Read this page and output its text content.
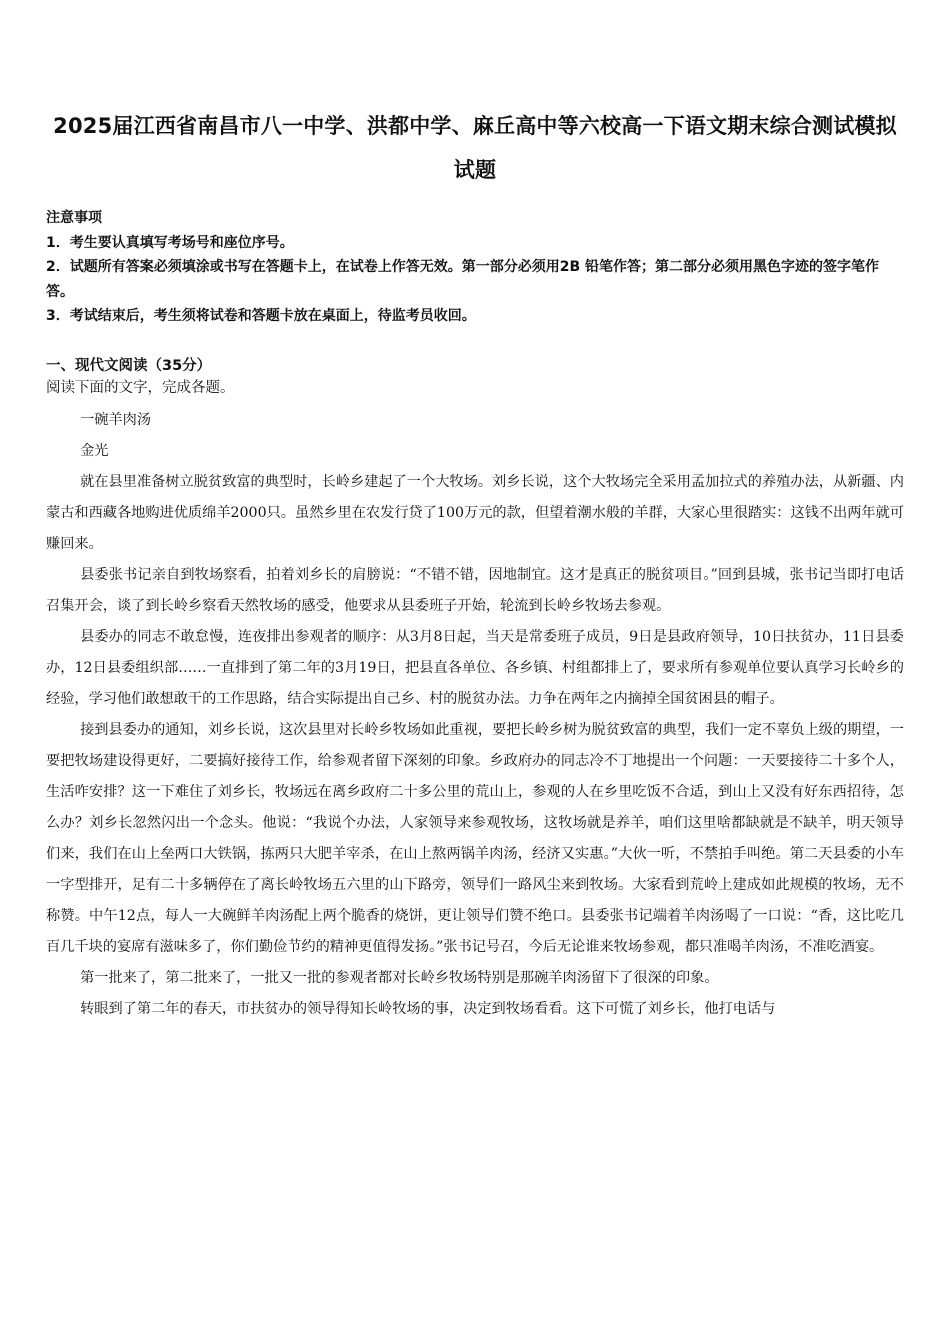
2025届江西省南昌市八一中学、洪都中学、麻丘高中等六校高一下语文期末综合测试模拟试题

注意事项

1．考生要认真填写考场号和座位序号。

2．试题所有答案必须填涂或书写在答题卡上，在试卷上作答无效。第一部分必须用2B 铅笔作答；第二部分必须用黑色字迹的签字笔作答。

3．考试结束后，考生须将试卷和答题卡放在桌面上，待监考员收回。

一、现代文阅读（35分）

阅读下面的文字，完成各题。

一碗羊肉汤

金光

就在县里准备树立脱贫致富的典型时，长岭乡建起了一个大牧场。刘乡长说，这个大牧场完全采用孟加拉式的养殖办法，从新疆、内蒙古和西藏各地购进优质绵羊2000只。虽然乡里在农发行贷了100万元的款，但望着潮水般的羊群，大家心里很踏实：这钱不出两年就可赚回来。

县委张书记亲自到牧场察看，拍着刘乡长的肩膀说：“不错不错，因地制宜。这才是真正的脱贫项目。”回到县城，张书记当即打电话召集开会，谈了到长岭乡察看天然牧场的感受，他要求从县委班子开始，轮流到长岭乡牧场去参观。

县委办的同志不敢怠慢，连夜排出参观者的顺序：从3月8日起，当天是常委班子成员，9日是县政府领导，10日扶贫办，11日县委办，12日县委组织部……一直排到了第二年的3月19日，把县直各单位、各乡镇、村组都排上了，要求所有参观单位要认真学习长岭乡的经验，学习他们敢想敢干的工作思路，结合实际提出自己乡、村的脱贫办法。力争在两年之内摘掉全国贫困县的帽子。

接到县委办的通知，刘乡长说，这次县里对长岭乡牧场如此重视，要把长岭乡树为脱贫致富的典型，我们一定不辜负上级的期望，一要把牧场建设得更好，二要搞好接待工作，给参观者留下深刻的印象。乡政府办的同志冷不丁地提出一个问题：一天要接待二十多个人，生活咋安排？这一下难住了刘乡长，牧场远在离乡政府二十多公里的荒山上，参观的人在乡里吃饭不合适，到山上又没有好东西招待，怎么办？刘乡长忽然闪出一个念头。他说：“我说个办法，人家领导来参观牧场，这牧场就是养羊，咱们这里啥都缺就是不缺羊，明天领导们来，我们在山上垒两口大铁锅，拣两只大肥羊宰杀，在山上熬两锅羊肉汤，经济又实惠。”大伙一听，不禁拍手叫绝。第二天县委的小车一字型排开，足有二十多辆停在了离长岭牧场五六里的山下路旁，领导们一路风尘来到牧场。大家看到荒岭上建成如此规模的牧场，无不称赞。中午12点，每人一大碗鲜羊肉汤配上两个脆香的烧饼，更让领导们赞不绝口。县委张书记端着羊肉汤喝了一口说：“香，这比吃几百几千块的宴席有滋味多了，你们勤俭节约的精神更值得发扬。”张书记号召，今后无论谁来牧场参观，都只准喝羊肉汤，不准吃酒宴。

第一批来了，第二批来了，一批又一批的参观者都对长岭乡牧场特别是那碗羊肉汤留下了很深的印象。

转眼到了第二年的春天，市扶贫办的领导得知长岭牧场的事，决定到牧场看看。这下可慌了刘乡长，他打电话与
